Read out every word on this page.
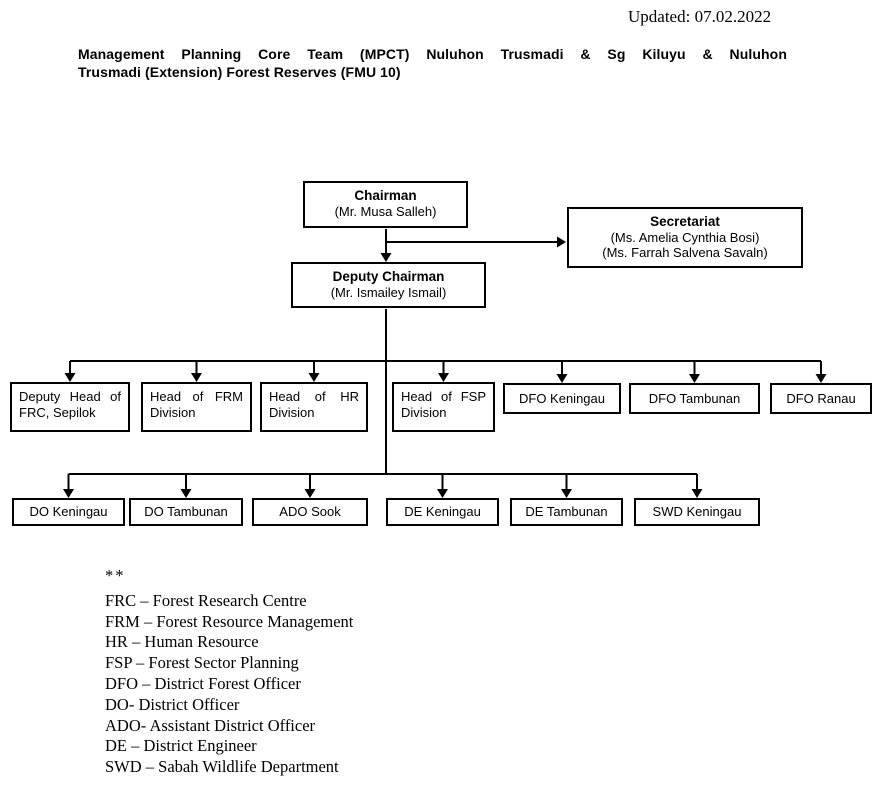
Updated: 07.02.2022
Management Planning Core Team (MPCT) Nuluhon Trusmadi & Sg Kiluyu & Nuluhon
Trusmadi (Extension) Forest Reserves (FMU 10)
Chairman
(Mr. Musa Salleh)
Secretariat
(Ms. Amelia Cynthia Bosi)
(Ms. Farrah Salvena Savaln)
Deputy Chairman
(Mr. Ismailey Ismail)
Deputy Head of FRC, Sepilok
Head of FRM Division
Head of HR Division
Head of FSP Division
DFO Keningau	DFO Tambunan	DFO Ranau
DO Keningau	DO Tambunan	ADO Sook	DE Keningau	DE Tambunan	SWD Keningau
**
FRC – Forest Research Centre
FRM – Forest Resource Management
HR – Human Resource
FSP – Forest Sector Planning
DFO – District Forest Officer
DO- District Officer
ADO- Assistant District Officer
DE – District Engineer
SWD – Sabah Wildlife Department
